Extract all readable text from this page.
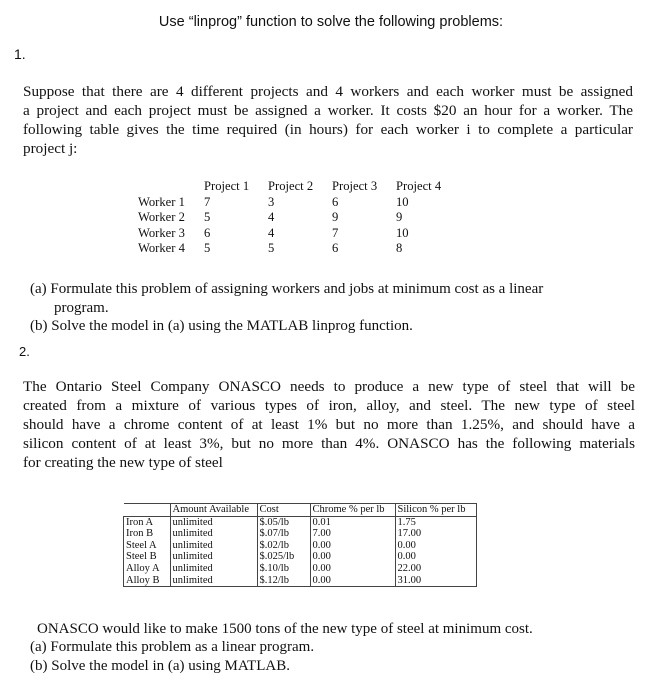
Use “linprog” function to solve the following problems:
1.
Suppose that there are 4 different projects and 4 workers and each worker must be assigned
a project and each project must be assigned a worker. It costs $20 an hour for a worker. The
following table gives the time required (in hours) for each worker i to complete a particular
project j:
	Project 1	Project 2	Project 3	Project 4
Worker 1	7	3	6	10
Worker 2	5	4	9	9
Worker 3	6	4	7	10
Worker 4	5	5	6	8
(a) Formulate this problem of assigning workers and jobs at minimum cost as a linear
program.
(b) Solve the model in (a) using the MATLAB linprog function.
2.
The Ontario Steel Company ONASCO needs to produce a new type of steel that will be
created from a mixture of various types of iron, alloy, and steel. The new type of steel
should have a chrome content of at least 1% but no more than 1.25%, and should have a
silicon content of at least 3%, but no more than 4%. ONASCO has the following materials
for creating the new type of steel
	Amount Available	Cost	Chrome % per lb	Silicon % per lb
Iron A	unlimited	$.05/lb	0.01	1.75
Iron B	unlimited	$.07/lb	7.00	17.00
Steel A	unlimited	$.02/lb	0.00	0.00
Steel B	unlimited	$.025/lb	0.00	0.00
Alloy A	unlimited	$.10/lb	0.00	22.00
Alloy B	unlimited	$.12/lb	0.00	31.00
ONASCO would like to make 1500 tons of the new type of steel at minimum cost.
(a) Formulate this problem as a linear program.
(b) Solve the model in (a) using MATLAB.
